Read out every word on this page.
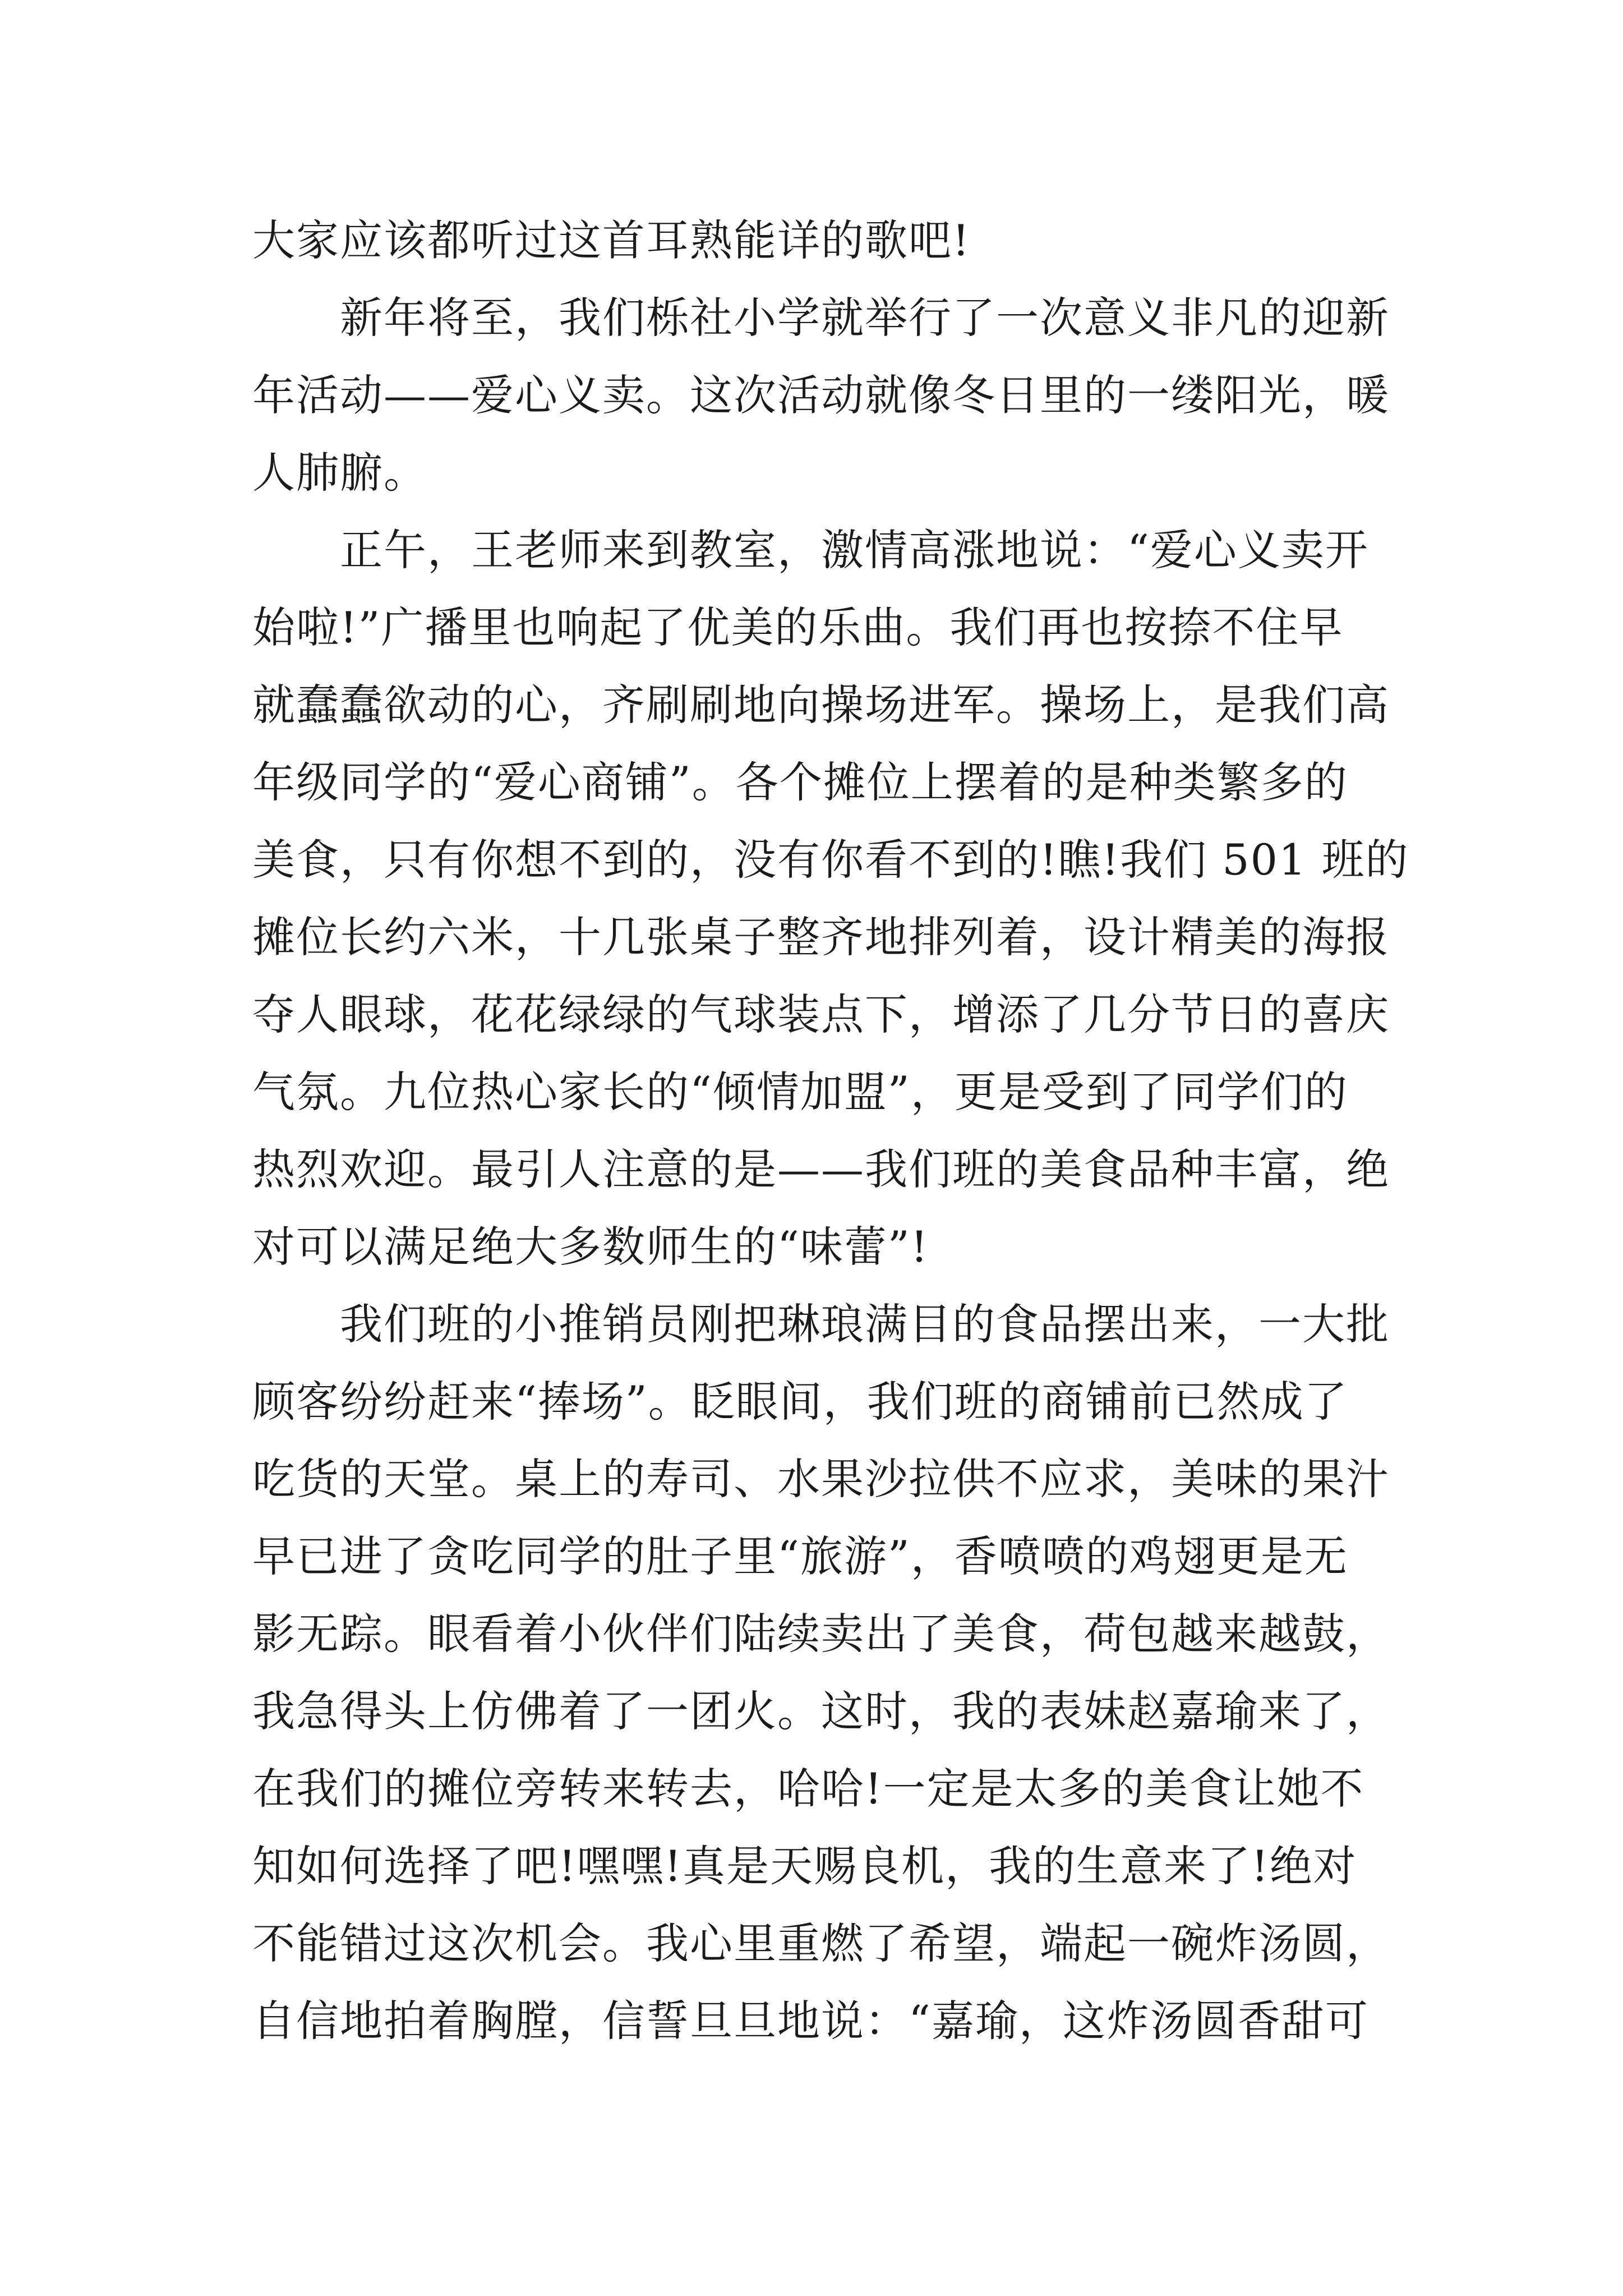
大家应该都听过这首耳熟能详的歌吧!
新年将至，我们栎社小学就举行了一次意义非凡的迎新
年活动——爱心义卖。这次活动就像冬日里的一缕阳光，暖
人肺腑。
正午，王老师来到教室，激情高涨地说：“爱心义卖开
始啦!”广播里也响起了优美的乐曲。我们再也按捺不住早
就蠢蠢欲动的心，齐刷刷地向操场进军。操场上，是我们高
年级同学的“爱心商铺”。各个摊位上摆着的是种类繁多的
美食，只有你想不到的，没有你看不到的!瞧!我们 501 班的
摊位长约六米，十几张桌子整齐地排列着，设计精美的海报
夺人眼球，花花绿绿的气球装点下，增添了几分节日的喜庆
气氛。九位热心家长的“倾情加盟”，更是受到了同学们的
热烈欢迎。最引人注意的是——我们班的美食品种丰富，绝
对可以满足绝大多数师生的“味蕾”!
我们班的小推销员刚把琳琅满目的食品摆出来，一大批
顾客纷纷赶来“捧场”。眨眼间，我们班的商铺前已然成了
吃货的天堂。桌上的寿司、水果沙拉供不应求，美味的果汁
早已进了贪吃同学的肚子里“旅游”，香喷喷的鸡翅更是无
影无踪。眼看着小伙伴们陆续卖出了美食，荷包越来越鼓，
我急得头上仿佛着了一团火。这时，我的表妹赵嘉瑜来了，
在我们的摊位旁转来转去，哈哈!一定是太多的美食让她不
知如何选择了吧!嘿嘿!真是天赐良机，我的生意来了!绝对
不能错过这次机会。我心里重燃了希望，端起一碗炸汤圆，
自信地拍着胸膛，信誓旦旦地说：“嘉瑜，这炸汤圆香甜可
